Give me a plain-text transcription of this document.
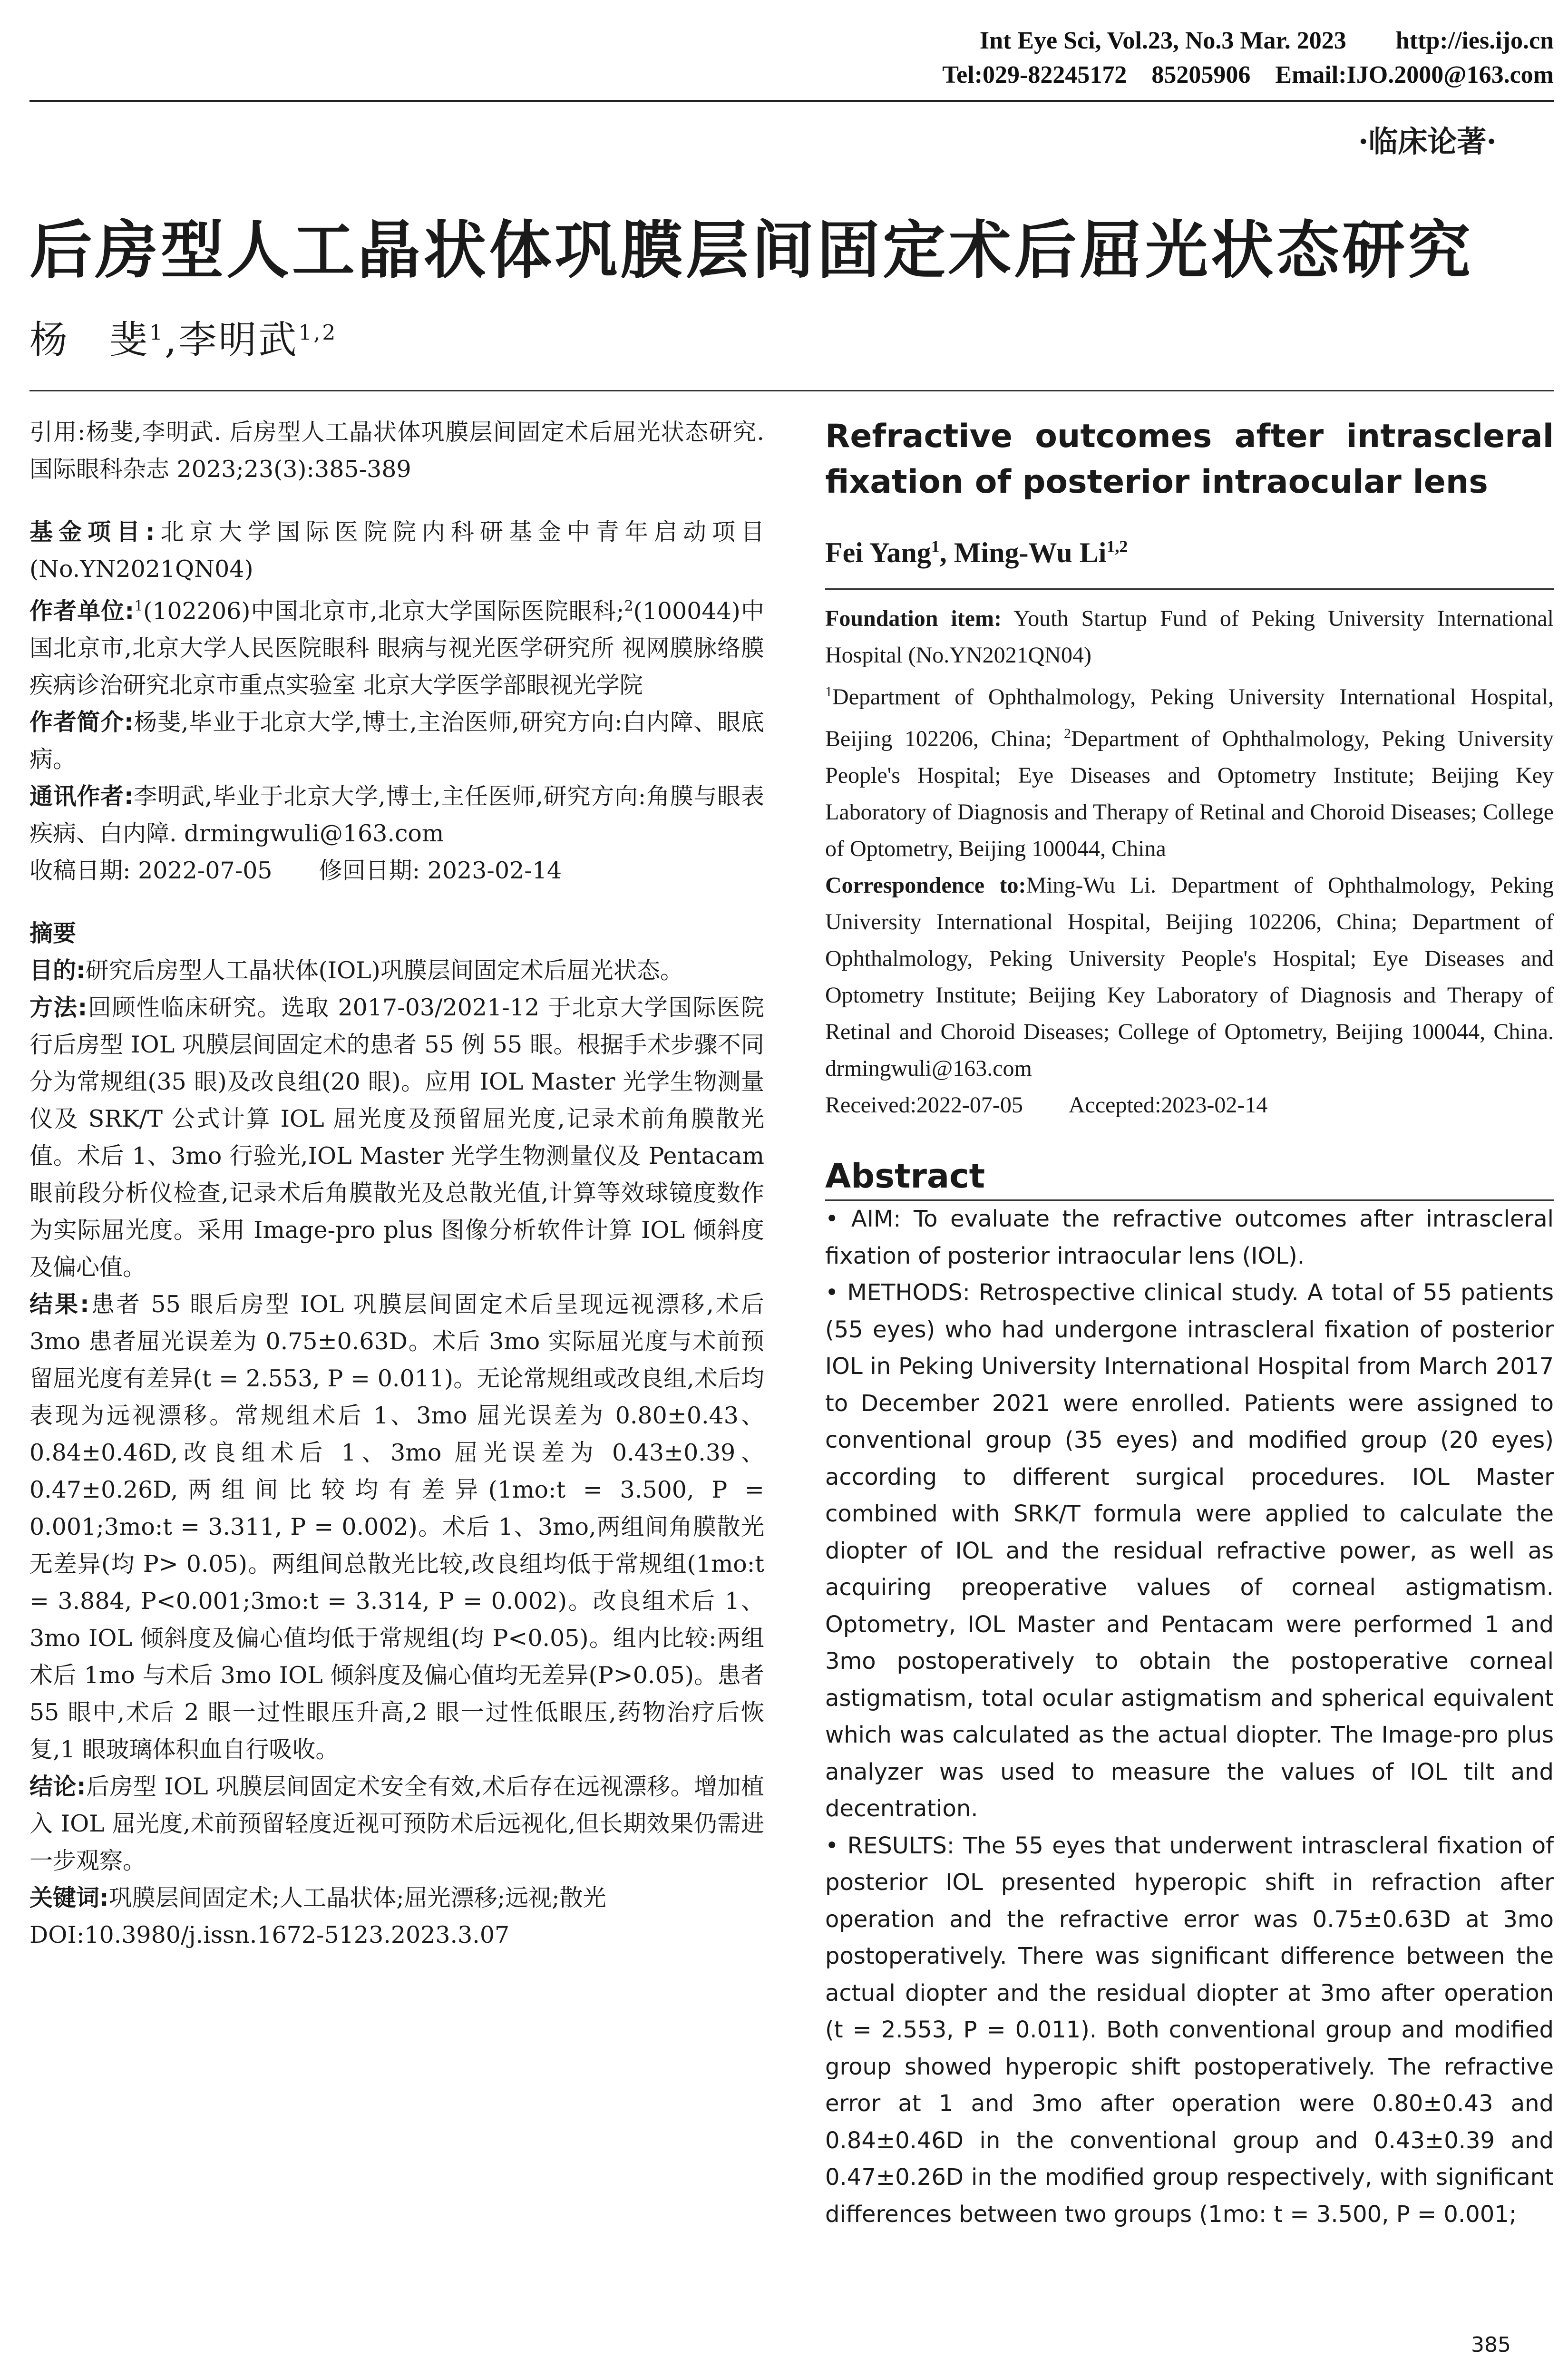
Int Eye Sci, Vol.23, No.3 Mar. 2023        http://ies.ijo.cn
Tel:029-82245172    85205906    Email:IJO.2000@163.com
·临床论著·
后房型人工晶状体巩膜层间固定术后屈光状态研究
杨　斐$^1$,李明武$^{1,2}$

引用:杨斐,李明武. 后房型人工晶状体巩膜层间固定术后屈光状态研究. 国际眼科杂志 2023;23(3):385-389

基金项目:北京大学国际医院院内科研基金中青年启动项目(No.YN2021QN04)

作者单位:$^1$(102206)中国北京市,北京大学国际医院眼科;$^2$(100044)中国北京市,北京大学人民医院眼科 眼病与视光医学研究所 视网膜脉络膜疾病诊治研究北京市重点实验室 北京大学医学部眼视光学院

作者简介:杨斐,毕业于北京大学,博士,主治医师,研究方向:白内障、眼底病。

通讯作者:李明武,毕业于北京大学,博士,主任医师,研究方向:角膜与眼表疾病、白内障. drmingwuli@163.com

收稿日期: 2022-07-05　　修回日期: 2023-02-14

摘要

目的:研究后房型人工晶状体(IOL)巩膜层间固定术后屈光状态。

方法:回顾性临床研究。选取 2017-03/2021-12 于北京大学国际医院行后房型 IOL 巩膜层间固定术的患者 55 例 55 眼。根据手术步骤不同分为常规组(35 眼)及改良组(20 眼)。应用 IOL Master 光学生物测量仪及 SRK/T 公式计算 IOL 屈光度及预留屈光度,记录术前角膜散光值。术后 1、3mo 行验光,IOL Master 光学生物测量仪及 Pentacam 眼前段分析仪检查,记录术后角膜散光及总散光值,计算等效球镜度数作为实际屈光度。采用 Image-pro plus 图像分析软件计算 IOL 倾斜度及偏心值。

结果:患者 55 眼后房型 IOL 巩膜层间固定术后呈现远视漂移,术后 3mo 患者屈光误差为 0.75±0.63D。术后 3mo 实际屈光度与术前预留屈光度有差异(t = 2.553, P = 0.011)。无论常规组或改良组,术后均表现为远视漂移。常规组术后 1、3mo 屈光误差为 0.80±0.43、0.84±0.46D,改良组术后 1、3mo 屈光误差为 0.43±0.39、0.47±0.26D,两组间比较均有差异(1mo:t = 3.500, P = 0.001;3mo:t = 3.311, P = 0.002)。术后 1、3mo,两组间角膜散光无差异(均 P> 0.05)。两组间总散光比较,改良组均低于常规组(1mo:t = 3.884, P<0.001;3mo:t = 3.314, P = 0.002)。改良组术后 1、3mo IOL 倾斜度及偏心值均低于常规组(均 P<0.05)。组内比较:两组术后 1mo 与术后 3mo IOL 倾斜度及偏心值均无差异(P>0.05)。患者 55 眼中,术后 2 眼一过性眼压升高,2 眼一过性低眼压,药物治疗后恢复,1 眼玻璃体积血自行吸收。

结论:后房型 IOL 巩膜层间固定术安全有效,术后存在远视漂移。增加植入 IOL 屈光度,术前预留轻度近视可预防术后远视化,但长期效果仍需进一步观察。

关键词:巩膜层间固定术;人工晶状体;屈光漂移;远视;散光

DOI:10.3980/j.issn.1672-5123.2023.3.07

Refractive outcomes after intrascleral fixation of posterior intraocular lens

Fei Yang$^1$, Ming-Wu Li$^{1,2}$

Foundation item: Youth Startup Fund of Peking University International Hospital (No.YN2021QN04)

$^1$Department of Ophthalmology, Peking University International Hospital, Beijing 102206, China; $^2$Department of Ophthalmology, Peking University People's Hospital; Eye Diseases and Optometry Institute; Beijing Key Laboratory of Diagnosis and Therapy of Retinal and Choroid Diseases; College of Optometry, Beijing 100044, China

Correspondence to:Ming-Wu Li. Department of Ophthalmology, Peking University International Hospital, Beijing 102206, China; Department of Ophthalmology, Peking University People's Hospital; Eye Diseases and Optometry Institute; Beijing Key Laboratory of Diagnosis and Therapy of Retinal and Choroid Diseases; College of Optometry, Beijing 100044, China. drmingwuli@163.com

Received:2022-07-05　　Accepted:2023-02-14

Abstract

• AIM: To evaluate the refractive outcomes after intrascleral fixation of posterior intraocular lens (IOL).

• METHODS: Retrospective clinical study. A total of 55 patients (55 eyes) who had undergone intrascleral fixation of posterior IOL in Peking University International Hospital from March 2017 to December 2021 were enrolled. Patients were assigned to conventional group (35 eyes) and modified group (20 eyes) according to different surgical procedures. IOL Master combined with SRK/T formula were applied to calculate the diopter of IOL and the residual refractive power, as well as acquiring preoperative values of corneal astigmatism. Optometry, IOL Master and Pentacam were performed 1 and 3mo postoperatively to obtain the postoperative corneal astigmatism, total ocular astigmatism and spherical equivalent which was calculated as the actual diopter. The Image-pro plus analyzer was used to measure the values of IOL tilt and decentration.

• RESULTS: The 55 eyes that underwent intrascleral fixation of posterior IOL presented hyperopic shift in refraction after operation and the refractive error was 0.75±0.63D at 3mo postoperatively. There was significant difference between the actual diopter and the residual diopter at 3mo after operation (t = 2.553, P = 0.011). Both conventional group and modified group showed hyperopic shift postoperatively. The refractive error at 1 and 3mo after operation were 0.80±0.43 and 0.84±0.46D in the conventional group and 0.43±0.39 and 0.47±0.26D in the modified group respectively, with significant differences between two groups (1mo: t = 3.500, P = 0.001;

385
